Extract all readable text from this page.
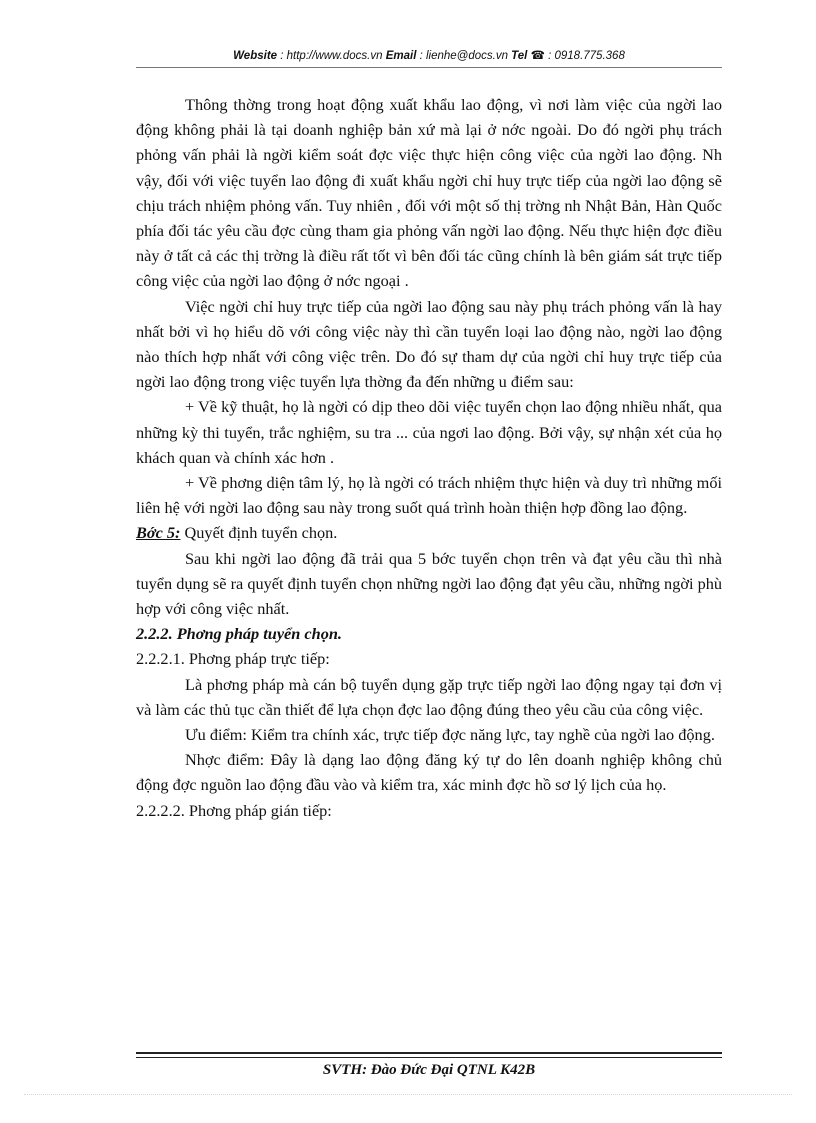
Website : http://www.docs.vn Email : lienhe@docs.vn Tel ☎ : 0918.775.368

Thông thờng trong hoạt động xuất khẩu lao động, vì nơi làm việc của ngời lao động không phải là tại doanh nghiệp bản xứ mà lại ở nớc ngoài. Do đó ngời phụ trách phỏng vấn phải là ngời kiểm soát đợc việc thực hiện công việc của ngời lao động. Nh vậy, đối với việc tuyển lao động đi xuất khẩu ngời chỉ huy trực tiếp của ngời lao động sẽ chịu trách nhiệm phỏng vấn. Tuy nhiên , đối với một số thị trờng nh Nhật Bản, Hàn Quốc phía đối tác yêu cầu đợc cùng tham gia phỏng vấn ngời lao động. Nếu thực hiện đợc điều này ở tất cả các thị trờng là điều rất tốt vì bên đối tác cũng chính là bên giám sát trực tiếp công việc của ngời lao động ở nớc ngoại .

Việc ngời chỉ huy trực tiếp của ngời lao động sau này phụ trách phỏng vấn là hay nhất bởi vì họ hiểu dõ với công việc này thì cần tuyển loại lao động nào, ngời lao động nào thích hợp nhất với công việc trên. Do đó sự tham dự của ngời chỉ huy trực tiếp của ngời lao động trong việc tuyển lựa thờng đa đến những u điểm sau:

+ Về kỹ thuật, họ là ngời có dịp theo dõi việc tuyển chọn lao động nhiều nhất, qua những kỳ thi tuyển, trắc nghiệm, su tra ... của ngơi lao động. Bởi vậy, sự nhận xét của họ khách quan và chính xác hơn .

+ Về phơng diện tâm lý, họ là ngời có trách nhiệm thực hiện và duy trì những mối liên hệ với ngời lao động sau này trong suốt quá trình hoàn thiện hợp đồng lao động.

Bớc 5: Quyết định tuyển chọn.

Sau khi ngời lao động đã trải qua 5 bớc tuyển chọn trên và đạt yêu cầu thì nhà tuyển dụng sẽ ra quyết định tuyển chọn những ngời lao động đạt yêu cầu, những ngời phù hợp với công việc nhất.

2.2.2. Phơng pháp tuyển chọn.

2.2.2.1. Phơng pháp trực tiếp:

Là phơng pháp mà cán bộ tuyển dụng gặp trực tiếp ngời lao động ngay tại đơn vị và làm các thủ tục cần thiết để lựa chọn đợc lao động đúng theo yêu cầu của công việc.

Ưu điểm: Kiểm tra chính xác, trực tiếp đợc năng lực, tay nghề của ngời lao động.

Nhợc điểm: Đây là dạng lao động đăng ký tự do lên doanh nghiệp không chủ động đợc nguồn lao động đầu vào và kiểm tra, xác minh đợc hồ sơ lý lịch của họ.

2.2.2.2. Phơng pháp gián tiếp:

SVTH: Đào Đức Đại QTNL K42B
